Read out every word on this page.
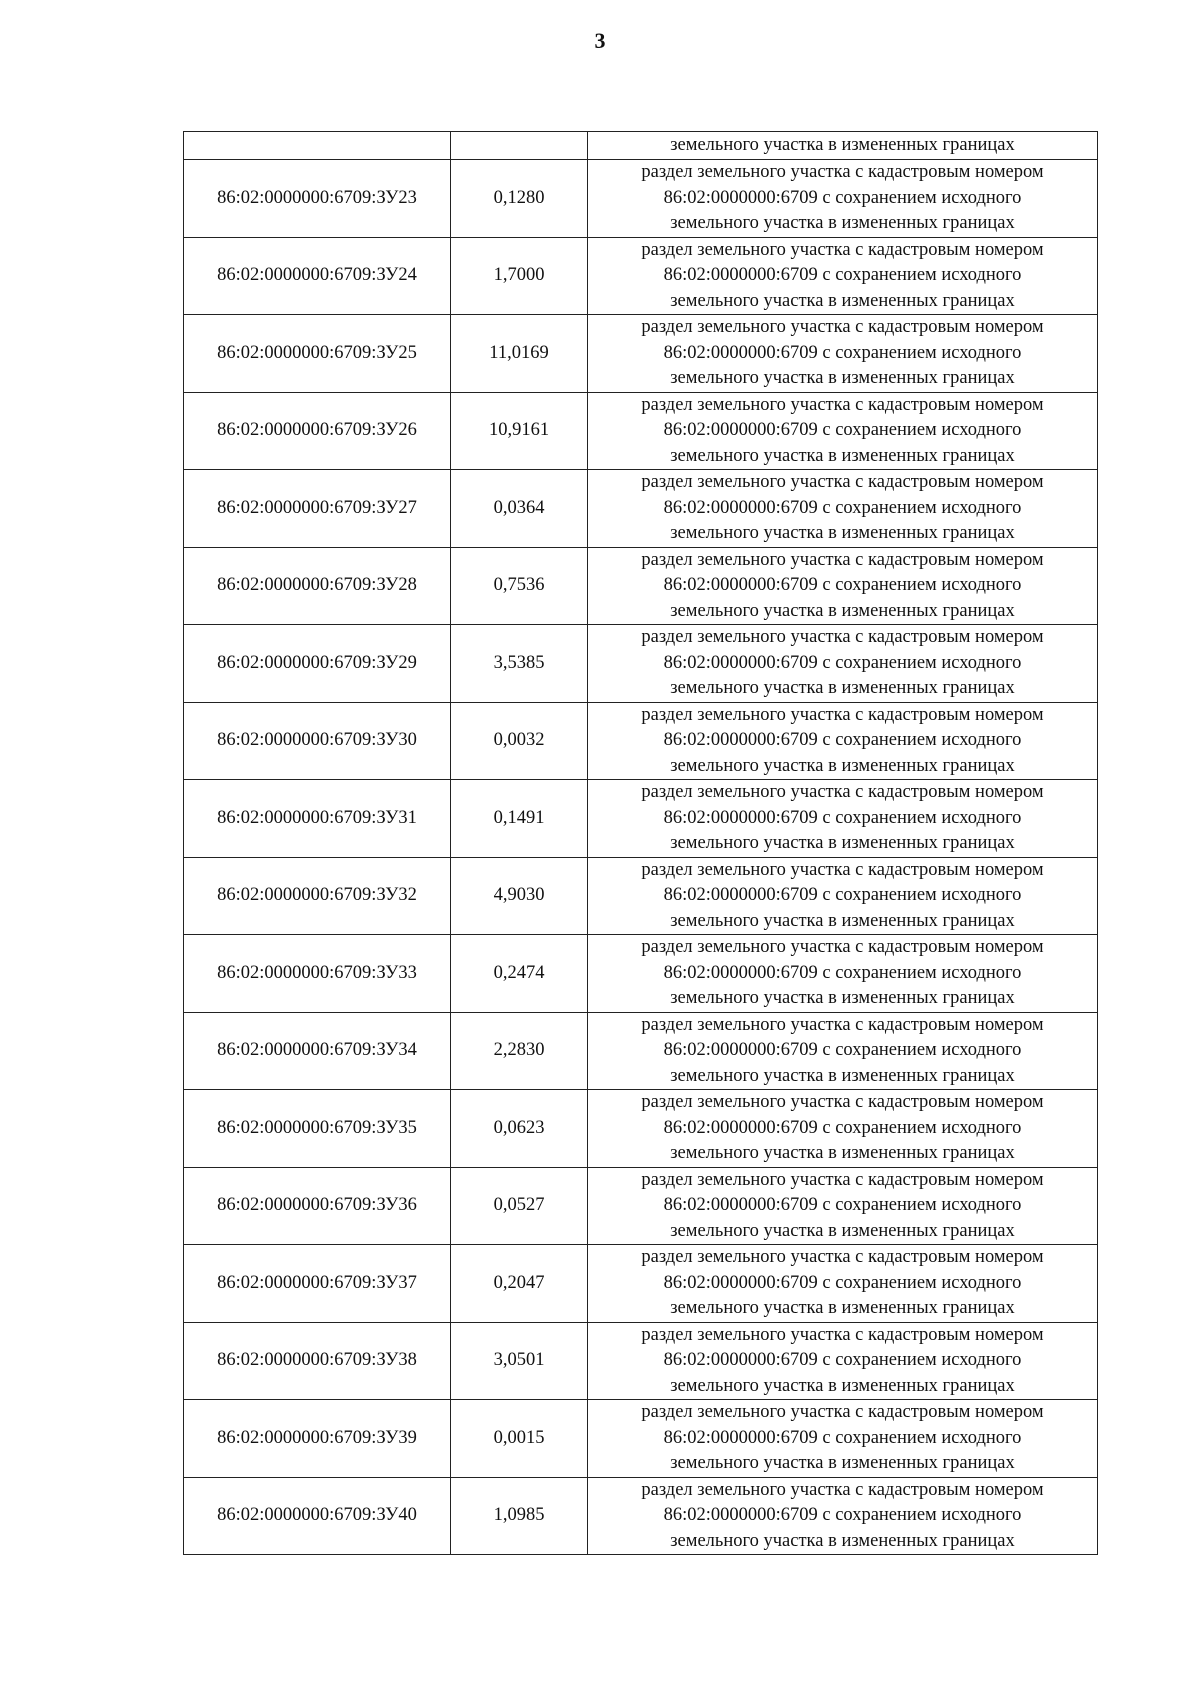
3

		земельного участка в измененных границах

86:02:0000000:6709:ЗУ23	0,1280	раздел земельного участка с кадастровым номером
86:02:0000000:6709 с сохранением исходного
земельного участка в измененных границах

86:02:0000000:6709:ЗУ24	1,7000	раздел земельного участка с кадастровым номером
86:02:0000000:6709 с сохранением исходного
земельного участка в измененных границах

86:02:0000000:6709:ЗУ25	11,0169	раздел земельного участка с кадастровым номером
86:02:0000000:6709 с сохранением исходного
земельного участка в измененных границах

86:02:0000000:6709:ЗУ26	10,9161	раздел земельного участка с кадастровым номером
86:02:0000000:6709 с сохранением исходного
земельного участка в измененных границах

86:02:0000000:6709:ЗУ27	0,0364	раздел земельного участка с кадастровым номером
86:02:0000000:6709 с сохранением исходного
земельного участка в измененных границах

86:02:0000000:6709:ЗУ28	0,7536	раздел земельного участка с кадастровым номером
86:02:0000000:6709 с сохранением исходного
земельного участка в измененных границах

86:02:0000000:6709:ЗУ29	3,5385	раздел земельного участка с кадастровым номером
86:02:0000000:6709 с сохранением исходного
земельного участка в измененных границах

86:02:0000000:6709:ЗУ30	0,0032	раздел земельного участка с кадастровым номером
86:02:0000000:6709 с сохранением исходного
земельного участка в измененных границах

86:02:0000000:6709:ЗУ31	0,1491	раздел земельного участка с кадастровым номером
86:02:0000000:6709 с сохранением исходного
земельного участка в измененных границах

86:02:0000000:6709:ЗУ32	4,9030	раздел земельного участка с кадастровым номером
86:02:0000000:6709 с сохранением исходного
земельного участка в измененных границах

86:02:0000000:6709:ЗУ33	0,2474	раздел земельного участка с кадастровым номером
86:02:0000000:6709 с сохранением исходного
земельного участка в измененных границах

86:02:0000000:6709:ЗУ34	2,2830	раздел земельного участка с кадастровым номером
86:02:0000000:6709 с сохранением исходного
земельного участка в измененных границах

86:02:0000000:6709:ЗУ35	0,0623	раздел земельного участка с кадастровым номером
86:02:0000000:6709 с сохранением исходного
земельного участка в измененных границах

86:02:0000000:6709:ЗУ36	0,0527	раздел земельного участка с кадастровым номером
86:02:0000000:6709 с сохранением исходного
земельного участка в измененных границах

86:02:0000000:6709:ЗУ37	0,2047	раздел земельного участка с кадастровым номером
86:02:0000000:6709 с сохранением исходного
земельного участка в измененных границах

86:02:0000000:6709:ЗУ38	3,0501	раздел земельного участка с кадастровым номером
86:02:0000000:6709 с сохранением исходного
земельного участка в измененных границах

86:02:0000000:6709:ЗУ39	0,0015	раздел земельного участка с кадастровым номером
86:02:0000000:6709 с сохранением исходного
земельного участка в измененных границах

86:02:0000000:6709:ЗУ40	1,0985	раздел земельного участка с кадастровым номером
86:02:0000000:6709 с сохранением исходного
земельного участка в измененных границах
